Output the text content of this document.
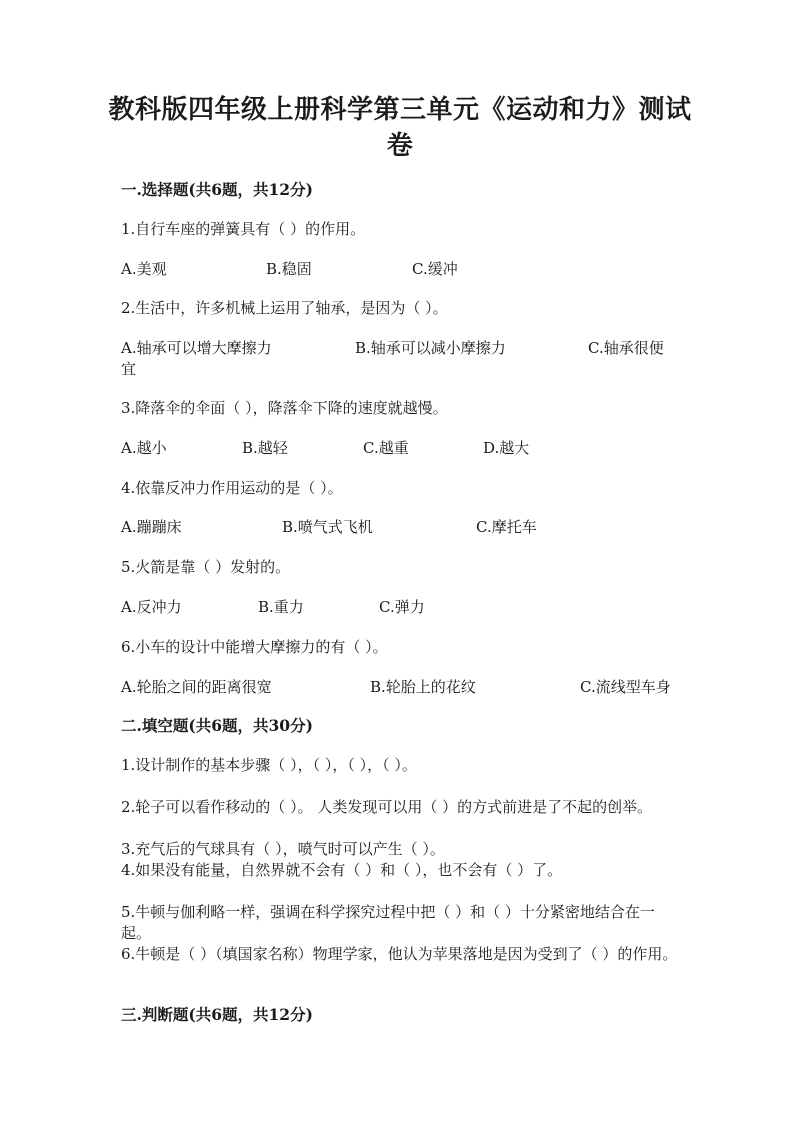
教科版四年级上册科学第三单元《运动和力》测试
卷
一.选择题(共6题，共12分)
1.自行车座的弹簧具有（ ）的作用。
A.美观	B.稳固	C.缓冲
2.生活中，许多机械上运用了轴承，是因为（ ）。
A.轴承可以增大摩擦力	B.轴承可以减小摩擦力	C.轴承很便
宜
3.降落伞的伞面（ ），降落伞下降的速度就越慢。
A.越小	B.越轻	C.越重	D.越大
4.依靠反冲力作用运动的是（ ）。
A.蹦蹦床	B.喷气式飞机	C.摩托车
5.火箭是靠（ ）发射的。
A.反冲力	B.重力	C.弹力
6.小车的设计中能增大摩擦力的有（ ）。
A.轮胎之间的距离很宽	B.轮胎上的花纹	C.流线型车身
二.填空题(共6题，共30分)
1.设计制作的基本步骤（ ），（ ），（ ），（ ）。
2.轮子可以看作移动的（ ）。 人类发现可以用（ ）的方式前进是了不起的创举。
3.充气后的气球具有（ ），喷气时可以产生（ ）。
4.如果没有能量，自然界就不会有（ ）和（ ），也不会有（ ）了。
5.牛顿与伽利略一样，强调在科学探究过程中把（ ）和（ ）十分紧密地结合在一起。
6.牛顿是（ ）（填国家名称）物理学家，他认为苹果落地是因为受到了（ ）的作用。
三.判断题(共6题，共12分)
